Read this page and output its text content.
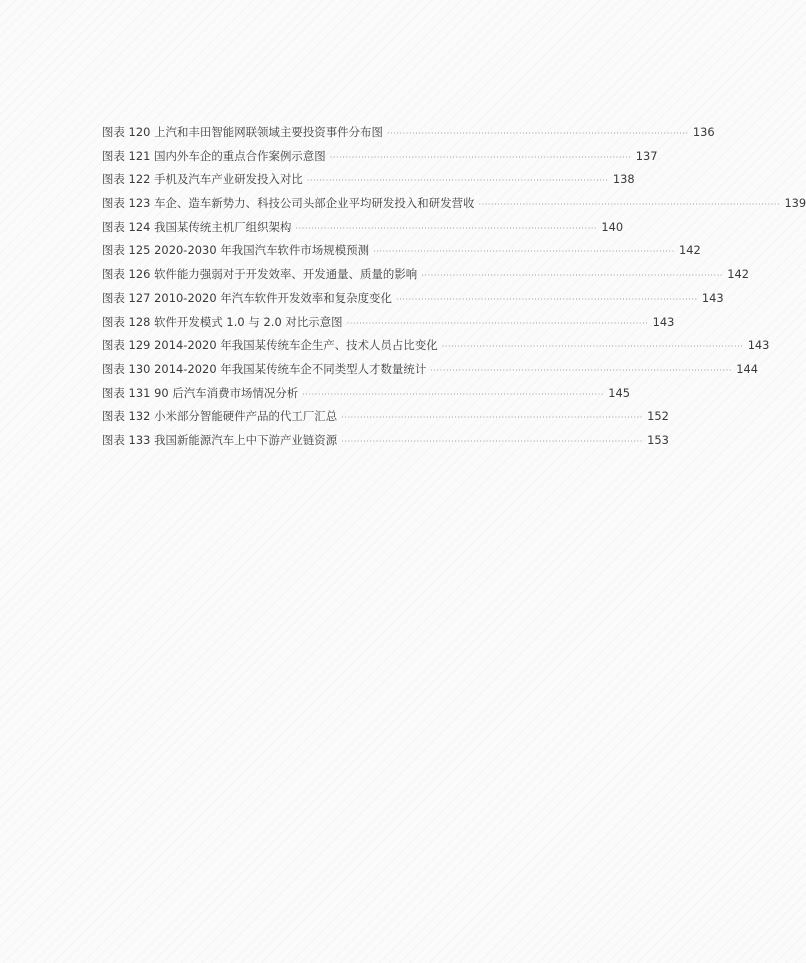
图表 120 上汽和丰田智能网联领域主要投资事件分布图 ································································································ 136
图表 121 国内外车企的重点合作案例示意图 ································································································ 137
图表 122 手机及汽车产业研发投入对比 ································································································ 138
图表 123 车企、造车新势力、科技公司头部企业平均研发投入和研发营收 ································································································ 139
图表 124 我国某传统主机厂组织架构 ································································································ 140
图表 125 2020-2030 年我国汽车软件市场规模预测 ································································································ 142
图表 126 软件能力强弱对于开发效率、开发通量、质量的影响 ································································································ 142
图表 127 2010-2020 年汽车软件开发效率和复杂度变化 ································································································ 143
图表 128 软件开发模式 1.0 与 2.0 对比示意图 ································································································ 143
图表 129 2014-2020 年我国某传统车企生产、技术人员占比变化 ································································································ 143
图表 130 2014-2020 年我国某传统车企不同类型人才数量统计 ································································································ 144
图表 131 90 后汽车消费市场情况分析 ································································································ 145
图表 132 小米部分智能硬件产品的代工厂汇总 ································································································ 152
图表 133 我国新能源汽车上中下游产业链资源 ································································································ 153
